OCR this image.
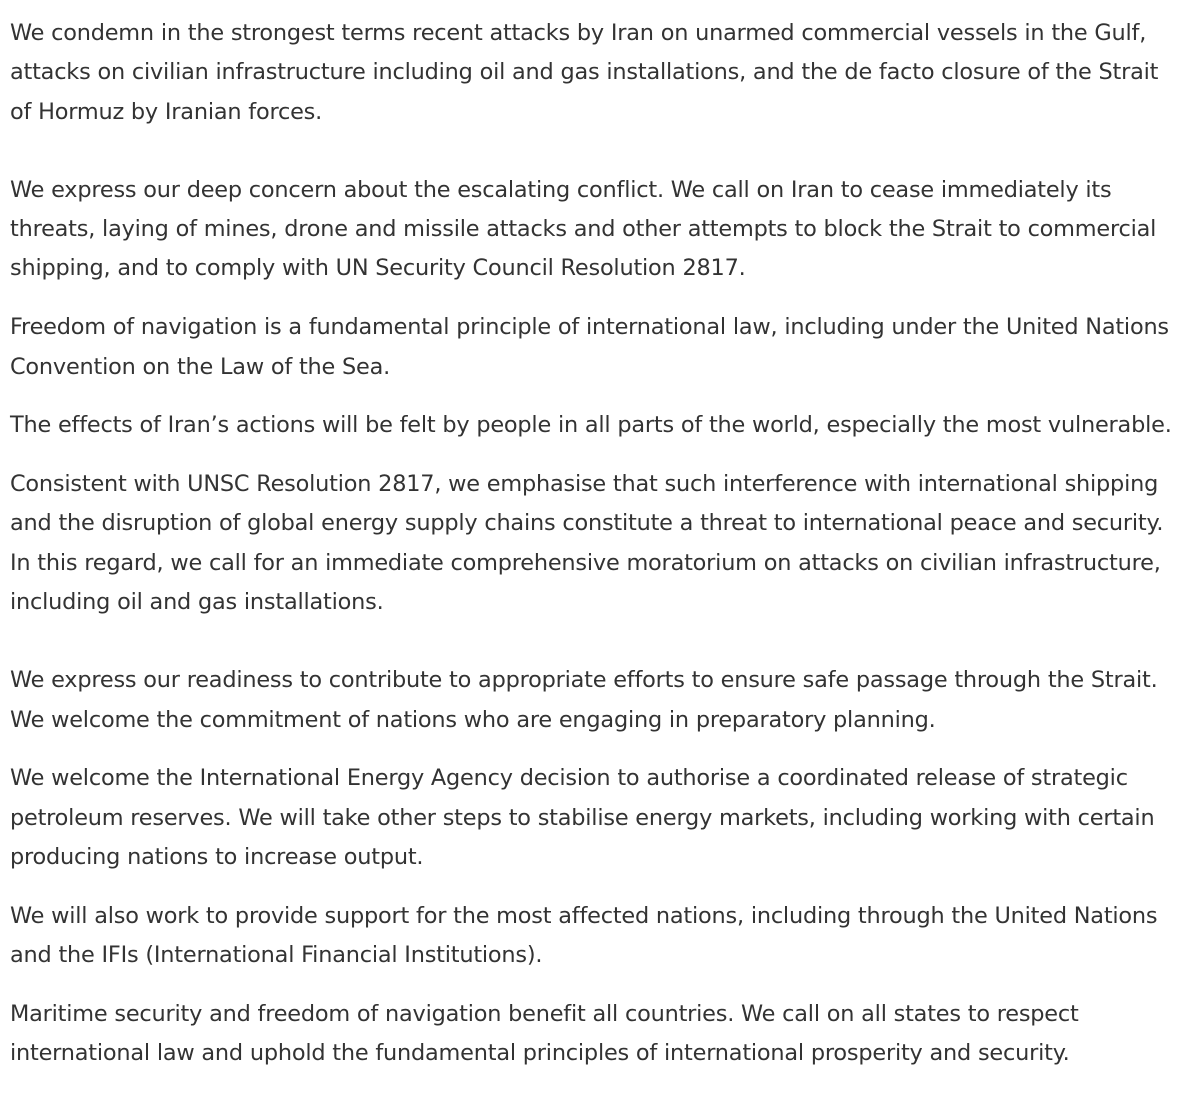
We condemn in the strongest terms recent attacks by Iran on unarmed commercial vessels in the Gulf, attacks on civilian infrastructure including oil and gas installations, and the de facto closure of the Strait of Hormuz by Iranian forces.

We express our deep concern about the escalating conflict. We call on Iran to cease immediately its threats, laying of mines, drone and missile attacks and other attempts to block the Strait to commercial shipping, and to comply with UN Security Council Resolution 2817.

Freedom of navigation is a fundamental principle of international law, including under the United Nations Convention on the Law of the Sea.

The effects of Iran’s actions will be felt by people in all parts of the world, especially the most vulnerable.

Consistent with UNSC Resolution 2817, we emphasise that such interference with international shipping and the disruption of global energy supply chains constitute a threat to international peace and security. In this regard, we call for an immediate comprehensive moratorium on attacks on civilian infrastructure, including oil and gas installations.

We express our readiness to contribute to appropriate efforts to ensure safe passage through the Strait. We welcome the commitment of nations who are engaging in preparatory planning.

We welcome the International Energy Agency decision to authorise a coordinated release of strategic petroleum reserves. We will take other steps to stabilise energy markets, including working with certain producing nations to increase output.

We will also work to provide support for the most affected nations, including through the United Nations and the IFIs (International Financial Institutions).

Maritime security and freedom of navigation benefit all countries. We call on all states to respect international law and uphold the fundamental principles of international prosperity and security.
